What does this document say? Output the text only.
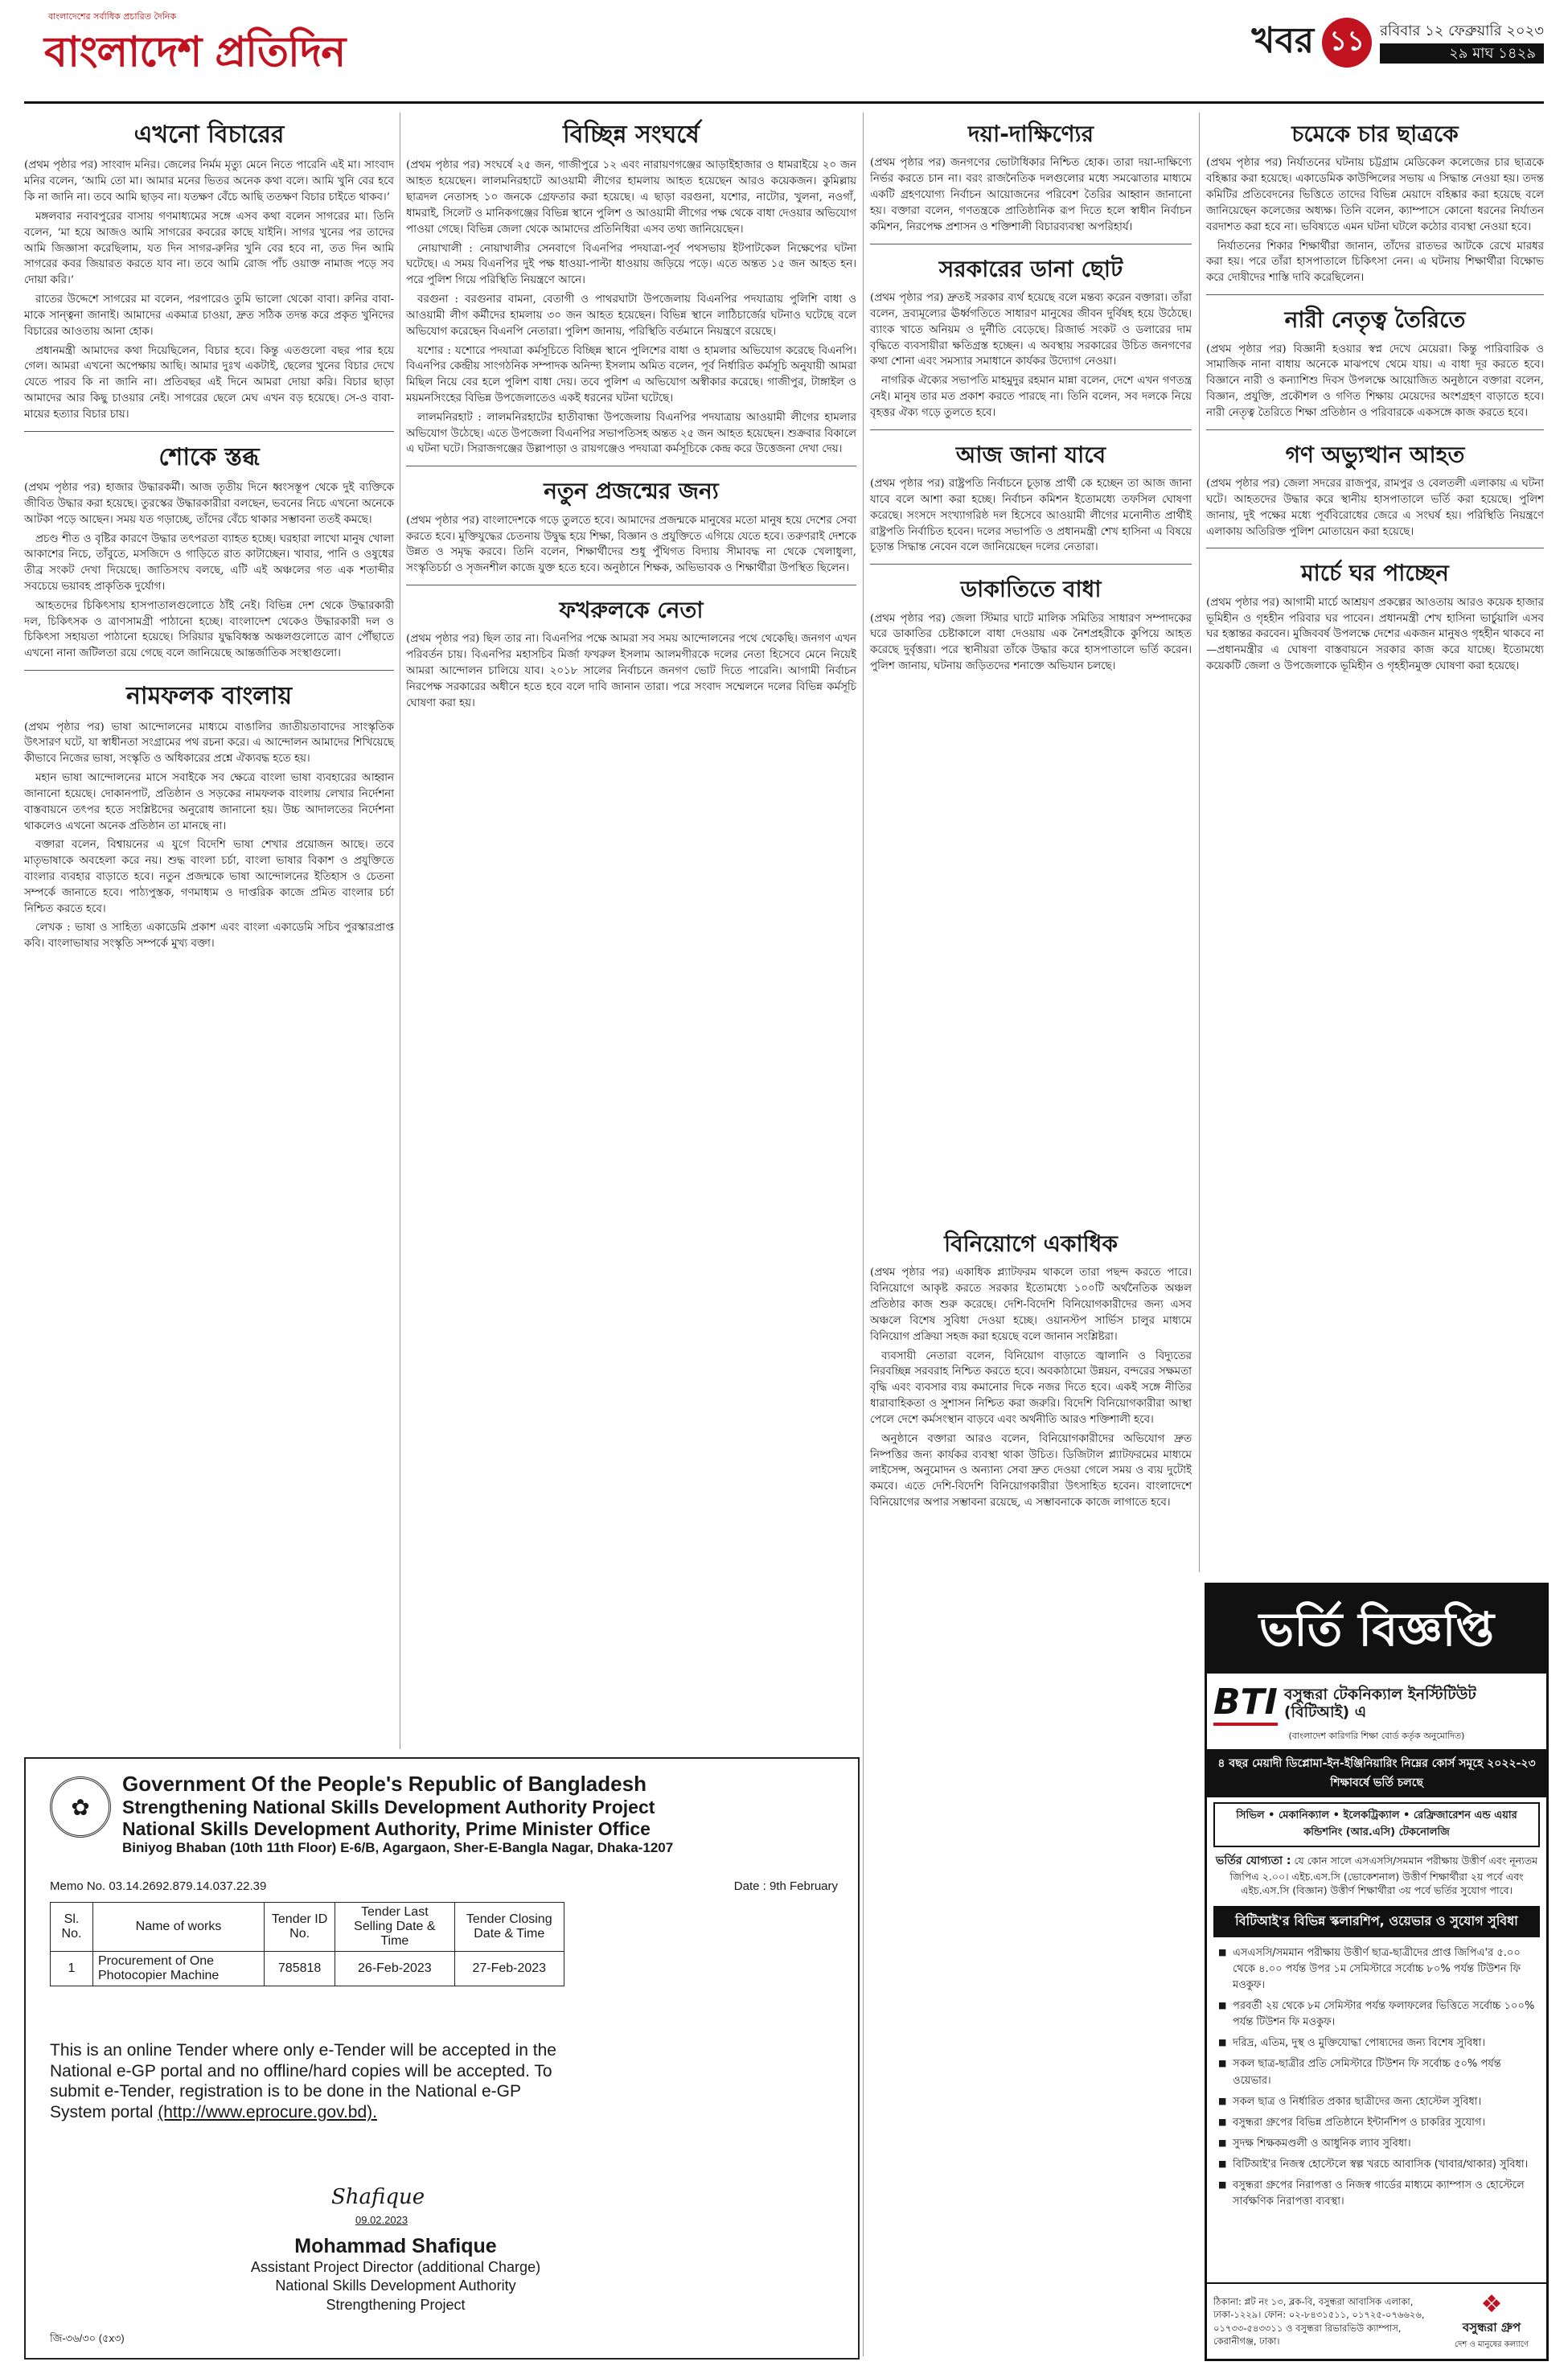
বাংলাদেশের সর্বাধিক প্রচারিত দৈনিক
বাংলাদেশ প্রতিদিন	খবর ১১	রবিবার ১২ ফেব্রুয়ারি ২০২৩
২৯ মাঘ ১৪২৯
এখনো বিচারের

(প্রথম পৃষ্ঠার পর) সাংবাদ মনির। জেলের নির্মম মৃত্যু মেনে নিতে পারেনি এই মা। সাংবাদ মনির বলেন, ‘আমি তো মা। আমার মনের ভিতর অনেক কথা বলে। আমি খুনি বের হবে কি না জানি না। তবে আমি ছাড়ব না। যতক্ষণ বেঁচে আছি ততক্ষণ বিচার চাইতে থাকব।’

মঙ্গলবার নবাবপুরের বাসায় গণমাধ্যমের সঙ্গে এসব কথা বলেন সাগরের মা। তিনি বলেন, ‘মা হয়ে আজও আমি সাগরের কবরের কাছে যাইনি। সাগর খুনের পর তাদের আমি জিজ্ঞাসা করেছিলাম, যত দিন সাগর-রুনির খুনি বের হবে না, তত দিন আমি সাগরের কবর জিয়ারত করতে যাব না। তবে আমি রোজ পাঁচ ওয়াক্ত নামাজ পড়ে সব দোয়া করি।’

রাতের উদ্দেশে সাগরের মা বলেন, পরপারেও তুমি ভালো থেকো বাবা। রুনির বাবা-মাকে সান্ত্বনা জানাই। আমাদের একমাত্র চাওয়া, দ্রুত সঠিক তদন্ত করে প্রকৃত খুনিদের বিচারের আওতায় আনা হোক।

প্রধানমন্ত্রী আমাদের কথা দিয়েছিলেন, বিচার হবে। কিন্তু এতগুলো বছর পার হয়ে গেল। আমরা এখনো অপেক্ষায় আছি। আমার দুঃখ একটাই, ছেলের খুনের বিচার দেখে যেতে পারব কি না জানি না। প্রতিবছর এই দিনে আমরা দোয়া করি। বিচার ছাড়া আমাদের আর কিছু চাওয়ার নেই। সাগরের ছেলে মেঘ এখন বড় হয়েছে। সে-ও বাবা-মায়ের হত্যার বিচার চায়।

শোকে স্তব্ধ

(প্রথম পৃষ্ঠার পর) হাজার উদ্ধারকর্মী। আজ তৃতীয় দিনে ধ্বংসস্তূপ থেকে দুই ব্যক্তিকে জীবিত উদ্ধার করা হয়েছে। তুরস্কের উদ্ধারকারীরা বলছেন, ভবনের নিচে এখনো অনেকে আটকা পড়ে আছেন। সময় যত গড়াচ্ছে, তাঁদের বেঁচে থাকার সম্ভাবনা ততই কমছে।

প্রচণ্ড শীত ও বৃষ্টির কারণে উদ্ধার তৎপরতা ব্যাহত হচ্ছে। ঘরহারা লাখো মানুষ খোলা আকাশের নিচে, তাঁবুতে, মসজিদে ও গাড়িতে রাত কাটাচ্ছেন। খাবার, পানি ও ওষুধের তীব্র সংকট দেখা দিয়েছে। জাতিসংঘ বলছে, এটি এই অঞ্চলের গত এক শতাব্দীর সবচেয়ে ভয়াবহ প্রাকৃতিক দুর্যোগ।

আহতদের চিকিৎসায় হাসপাতালগুলোতে ঠাঁই নেই। বিভিন্ন দেশ থেকে উদ্ধারকারী দল, চিকিৎসক ও ত্রাণসামগ্রী পাঠানো হচ্ছে। বাংলাদেশ থেকেও উদ্ধারকারী দল ও চিকিৎসা সহায়তা পাঠানো হয়েছে। সিরিয়ার যুদ্ধবিধ্বস্ত অঞ্চলগুলোতে ত্রাণ পৌঁছাতে এখনো নানা জটিলতা রয়ে গেছে বলে জানিয়েছে আন্তর্জাতিক সংস্থাগুলো।

নামফলক বাংলায়

(প্রথম পৃষ্ঠার পর) ভাষা আন্দোলনের মাধ্যমে বাঙালির জাতীয়তাবাদের সাংস্কৃতিক উৎসারণ ঘটে, যা স্বাধীনতা সংগ্রামের পথ রচনা করে। এ আন্দোলন আমাদের শিখিয়েছে কীভাবে নিজের ভাষা, সংস্কৃতি ও অধিকারের প্রশ্নে ঐক্যবদ্ধ হতে হয়।

মহান ভাষা আন্দোলনের মাসে সবাইকে সব ক্ষেত্রে বাংলা ভাষা ব্যবহারের আহ্বান জানানো হয়েছে। দোকানপাট, প্রতিষ্ঠান ও সড়কের নামফলক বাংলায় লেখার নির্দেশনা বাস্তবায়নে তৎপর হতে সংশ্লিষ্টদের অনুরোধ জানানো হয়। উচ্চ আদালতের নির্দেশনা থাকলেও এখনো অনেক প্রতিষ্ঠান তা মানছে না।

বক্তারা বলেন, বিশ্বায়নের এ যুগে বিদেশি ভাষা শেখার প্রয়োজন আছে। তবে মাতৃভাষাকে অবহেলা করে নয়। শুদ্ধ বাংলা চর্চা, বাংলা ভাষার বিকাশ ও প্রযুক্তিতে বাংলার ব্যবহার বাড়াতে হবে। নতুন প্রজন্মকে ভাষা আন্দোলনের ইতিহাস ও চেতনা সম্পর্কে জানাতে হবে। পাঠ্যপুস্তক, গণমাধ্যম ও দাপ্তরিক কাজে প্রমিত বাংলার চর্চা নিশ্চিত করতে হবে।

লেখক : ভাষা ও সাহিত্য একাডেমি প্রকাশ এবং বাংলা একাডেমি সচিব পুরস্কারপ্রাপ্ত কবি। বাংলাভাষার সংস্কৃতি সম্পর্কে মুখ্য বক্তা।

বিচ্ছিন্ন সংঘর্ষে

(প্রথম পৃষ্ঠার পর) সংঘর্ষে ২৫ জন, গাজীপুরে ১২ এবং নারায়ণগঞ্জের আড়াইহাজার ও ধামরাইয়ে ২০ জন আহত হয়েছেন। লালমনিরহাটে আওয়ামী লীগের হামলায় আহত হয়েছেন আরও কয়েকজন। কুমিল্লায় ছাত্রদল নেতাসহ ১০ জনকে গ্রেফতার করা হয়েছে। এ ছাড়া বরগুনা, যশোর, নাটোর, খুলনা, নওগাঁ, ধামরাই, সিলেট ও মানিকগঞ্জের বিভিন্ন স্থানে পুলিশ ও আওয়ামী লীগের পক্ষ থেকে বাধা দেওয়ার অভিযোগ পাওয়া গেছে। বিভিন্ন জেলা থেকে আমাদের প্রতিনিধিরা এসব তথ্য জানিয়েছেন।

নোয়াখালী : নোয়াখালীর সেনবাগে বিএনপির পদযাত্রা-পূর্ব পথসভায় ইটপাটকেল নিক্ষেপের ঘটনা ঘটেছে। এ সময় বিএনপির দুই পক্ষ ধাওয়া-পাল্টা ধাওয়ায় জড়িয়ে পড়ে। এতে অন্তত ১৫ জন আহত হন। পরে পুলিশ গিয়ে পরিস্থিতি নিয়ন্ত্রণে আনে।

বরগুনা : বরগুনার বামনা, বেতাগী ও পাথরঘাটা উপজেলায় বিএনপির পদযাত্রায় পুলিশি বাধা ও আওয়ামী লীগ কর্মীদের হামলায় ৩০ জন আহত হয়েছেন। বিভিন্ন স্থানে লাঠিচার্জের ঘটনাও ঘটেছে বলে অভিযোগ করেছেন বিএনপি নেতারা। পুলিশ জানায়, পরিস্থিতি বর্তমানে নিয়ন্ত্রণে রয়েছে।

যশোর : যশোরে পদযাত্রা কর্মসূচিতে বিচ্ছিন্ন স্থানে পুলিশের বাধা ও হামলার অভিযোগ করেছে বিএনপি। বিএনপির কেন্দ্রীয় সাংগঠনিক সম্পাদক অনিন্দ্য ইসলাম অমিত বলেন, পূর্ব নির্ধারিত কর্মসূচি অনুযায়ী আমরা মিছিল নিয়ে বের হলে পুলিশ বাধা দেয়। তবে পুলিশ এ অভিযোগ অস্বীকার করেছে। গাজীপুর, টাঙ্গাইল ও ময়মনসিংহের বিভিন্ন উপজেলাতেও একই ধরনের ঘটনা ঘটেছে।

লালমনিরহাট : লালমনিরহাটের হাতীবান্ধা উপজেলায় বিএনপির পদযাত্রায় আওয়ামী লীগের হামলার অভিযোগ উঠেছে। এতে উপজেলা বিএনপির সভাপতিসহ অন্তত ২৫ জন আহত হয়েছেন। শুক্রবার বিকালে এ ঘটনা ঘটে। সিরাজগঞ্জের উল্লাপাড়া ও রায়গঞ্জেও পদযাত্রা কর্মসূচিকে কেন্দ্র করে উত্তেজনা দেখা দেয়।

নতুন প্রজন্মের জন্য

(প্রথম পৃষ্ঠার পর) বাংলাদেশকে গড়ে তুলতে হবে। আমাদের প্রজন্মকে মানুষের মতো মানুষ হয়ে দেশের সেবা করতে হবে। মুক্তিযুদ্ধের চেতনায় উদ্বুদ্ধ হয়ে শিক্ষা, বিজ্ঞান ও প্রযুক্তিতে এগিয়ে যেতে হবে। তরুণরাই দেশকে উন্নত ও সমৃদ্ধ করবে। তিনি বলেন, শিক্ষার্থীদের শুধু পুঁথিগত বিদ্যায় সীমাবদ্ধ না থেকে খেলাধুলা, সংস্কৃতিচর্চা ও সৃজনশীল কাজে যুক্ত হতে হবে। অনুষ্ঠানে শিক্ষক, অভিভাবক ও শিক্ষার্থীরা উপস্থিত ছিলেন।

ফখরুলকে নেতা

(প্রথম পৃষ্ঠার পর) ছিল তার না। বিএনপির পক্ষে আমরা সব সময় আন্দোলনের পথে থেকেছি। জনগণ এখন পরিবর্তন চায়। বিএনপির মহাসচিব মির্জা ফখরুল ইসলাম আলমগীরকে দলের নেতা হিসেবে মেনে নিয়েই আমরা আন্দোলন চালিয়ে যাব। ২০১৮ সালের নির্বাচনে জনগণ ভোট দিতে পারেনি। আগামী নির্বাচন নিরপেক্ষ সরকারের অধীনে হতে হবে বলে দাবি জানান তারা। পরে সংবাদ সম্মেলনে দলের বিভিন্ন কর্মসূচি ঘোষণা করা হয়।

দয়া-দাক্ষিণ্যের

(প্রথম পৃষ্ঠার পর) জনগণের ভোটাধিকার নিশ্চিত হোক। তারা দয়া-দাক্ষিণ্যে নির্ভর করতে চান না। বরং রাজনৈতিক দলগুলোর মধ্যে সমঝোতার মাধ্যমে একটি গ্রহণযোগ্য নির্বাচন আয়োজনের পরিবেশ তৈরির আহ্বান জানানো হয়। বক্তারা বলেন, গণতন্ত্রকে প্রাতিষ্ঠানিক রূপ দিতে হলে স্বাধীন নির্বাচন কমিশন, নিরপেক্ষ প্রশাসন ও শক্তিশালী বিচারব্যবস্থা অপরিহার্য।

সরকারের ডানা ছোট

(প্রথম পৃষ্ঠার পর) দ্রুতই সরকার ব্যর্থ হয়েছে বলে মন্তব্য করেন বক্তারা। তাঁরা বলেন, দ্রব্যমূল্যের ঊর্ধ্বগতিতে সাধারণ মানুষের জীবন দুর্বিষহ হয়ে উঠেছে। ব্যাংক খাতে অনিয়ম ও দুর্নীতি বেড়েছে। রিজার্ভ সংকট ও ডলারের দাম বৃদ্ধিতে ব্যবসায়ীরা ক্ষতিগ্রস্ত হচ্ছেন। এ অবস্থায় সরকারের উচিত জনগণের কথা শোনা এবং সমস্যার সমাধানে কার্যকর উদ্যোগ নেওয়া।

নাগরিক ঐক্যের সভাপতি মাহমুদুর রহমান মান্না বলেন, দেশে এখন গণতন্ত্র নেই। মানুষ তার মত প্রকাশ করতে পারছে না। তিনি বলেন, সব দলকে নিয়ে বৃহত্তর ঐক্য গড়ে তুলতে হবে।

আজ জানা যাবে

(প্রথম পৃষ্ঠার পর) রাষ্ট্রপতি নির্বাচনে চূড়ান্ত প্রার্থী কে হচ্ছেন তা আজ জানা যাবে বলে আশা করা হচ্ছে। নির্বাচন কমিশন ইতোমধ্যে তফসিল ঘোষণা করেছে। সংসদে সংখ্যাগরিষ্ঠ দল হিসেবে আওয়ামী লীগের মনোনীত প্রার্থীই রাষ্ট্রপতি নির্বাচিত হবেন। দলের সভাপতি ও প্রধানমন্ত্রী শেখ হাসিনা এ বিষয়ে চূড়ান্ত সিদ্ধান্ত নেবেন বলে জানিয়েছেন দলের নেতারা।

ডাকাতিতে বাধা

(প্রথম পৃষ্ঠার পর) জেলা স্টিমার ঘাটে মালিক সমিতির সাধারণ সম্পাদকের ঘরে ডাকাতির চেষ্টাকালে বাধা দেওয়ায় এক নৈশপ্রহরীকে কুপিয়ে আহত করেছে দুর্বৃত্তরা। পরে স্থানীয়রা তাঁকে উদ্ধার করে হাসপাতালে ভর্তি করেন। পুলিশ জানায়, ঘটনায় জড়িতদের শনাক্তে অভিযান চলছে।

বিনিয়োগে একাধিক

(প্রথম পৃষ্ঠার পর) একাধিক প্ল্যাটফরম থাকলে তারা পছন্দ করতে পারে। বিনিয়োগে আকৃষ্ট করতে সরকার ইতোমধ্যে ১০০টি অর্থনৈতিক অঞ্চল প্রতিষ্ঠার কাজ শুরু করেছে। দেশি-বিদেশি বিনিয়োগকারীদের জন্য এসব অঞ্চলে বিশেষ সুবিধা দেওয়া হচ্ছে। ওয়ানস্টপ সার্ভিস চালুর মাধ্যমে বিনিয়োগ প্রক্রিয়া সহজ করা হয়েছে বলে জানান সংশ্লিষ্টরা।

ব্যবসায়ী নেতারা বলেন, বিনিয়োগ বাড়াতে জ্বালানি ও বিদ্যুতের নিরবচ্ছিন্ন সরবরাহ নিশ্চিত করতে হবে। অবকাঠামো উন্নয়ন, বন্দরের সক্ষমতা বৃদ্ধি এবং ব্যবসার ব্যয় কমানোর দিকে নজর দিতে হবে। একই সঙ্গে নীতির ধারাবাহিকতা ও সুশাসন নিশ্চিত করা জরুরি। বিদেশি বিনিয়োগকারীরা আস্থা পেলে দেশে কর্মসংস্থান বাড়বে এবং অর্থনীতি আরও শক্তিশালী হবে।

অনুষ্ঠানে বক্তারা আরও বলেন, বিনিয়োগকারীদের অভিযোগ দ্রুত নিষ্পত্তির জন্য কার্যকর ব্যবস্থা থাকা উচিত। ডিজিটাল প্ল্যাটফরমের মাধ্যমে লাইসেন্স, অনুমোদন ও অন্যান্য সেবা দ্রুত দেওয়া গেলে সময় ও ব্যয় দুটোই কমবে। এতে দেশি-বিদেশি বিনিয়োগকারীরা উৎসাহিত হবেন। বাংলাদেশে বিনিয়োগের অপার সম্ভাবনা রয়েছে, এ সম্ভাবনাকে কাজে লাগাতে হবে।

চমেকে চার ছাত্রকে

(প্রথম পৃষ্ঠার পর) নির্যাতনের ঘটনায় চট্টগ্রাম মেডিকেল কলেজের চার ছাত্রকে বহিষ্কার করা হয়েছে। একাডেমিক কাউন্সিলের সভায় এ সিদ্ধান্ত নেওয়া হয়। তদন্ত কমিটির প্রতিবেদনের ভিত্তিতে তাদের বিভিন্ন মেয়াদে বহিষ্কার করা হয়েছে বলে জানিয়েছেন কলেজের অধ্যক্ষ। তিনি বলেন, ক্যাম্পাসে কোনো ধরনের নির্যাতন বরদাশত করা হবে না। ভবিষ্যতে এমন ঘটনা ঘটলে কঠোর ব্যবস্থা নেওয়া হবে।

নির্যাতনের শিকার শিক্ষার্থীরা জানান, তাঁদের রাতভর আটকে রেখে মারধর করা হয়। পরে তাঁরা হাসপাতালে চিকিৎসা নেন। এ ঘটনায় শিক্ষার্থীরা বিক্ষোভ করে দোষীদের শাস্তি দাবি করেছিলেন।

নারী নেতৃত্ব তৈরিতে

(প্রথম পৃষ্ঠার পর) বিজ্ঞানী হওয়ার স্বপ্ন দেখে মেয়েরা। কিন্তু পারিবারিক ও সামাজিক নানা বাধায় অনেকে মাঝপথে থেমে যায়। এ বাধা দূর করতে হবে। বিজ্ঞানে নারী ও কন্যাশিশু দিবস উপলক্ষে আয়োজিত অনুষ্ঠানে বক্তারা বলেন, বিজ্ঞান, প্রযুক্তি, প্রকৌশল ও গণিত শিক্ষায় মেয়েদের অংশগ্রহণ বাড়াতে হবে। নারী নেতৃত্ব তৈরিতে শিক্ষা প্রতিষ্ঠান ও পরিবারকে একসঙ্গে কাজ করতে হবে।

গণ অভ্যুত্থান আহত

(প্রথম পৃষ্ঠার পর) জেলা সদরের রাজপুর, রামপুর ও বেলতলী এলাকায় এ ঘটনা ঘটে। আহতদের উদ্ধার করে স্থানীয় হাসপাতালে ভর্তি করা হয়েছে। পুলিশ জানায়, দুই পক্ষের মধ্যে পূর্ববিরোধের জেরে এ সংঘর্ষ হয়। পরিস্থিতি নিয়ন্ত্রণে এলাকায় অতিরিক্ত পুলিশ মোতায়েন করা হয়েছে।

মার্চে ঘর পাচ্ছেন

(প্রথম পৃষ্ঠার পর) আগামী মার্চে আশ্রয়ণ প্রকল্পের আওতায় আরও কয়েক হাজার ভূমিহীন ও গৃহহীন পরিবার ঘর পাবেন। প্রধানমন্ত্রী শেখ হাসিনা ভার্চুয়ালি এসব ঘর হস্তান্তর করবেন। মুজিববর্ষ উপলক্ষে দেশের একজন মানুষও গৃহহীন থাকবে না—প্রধানমন্ত্রীর এ ঘোষণা বাস্তবায়নে সরকার কাজ করে যাচ্ছে। ইতোমধ্যে কয়েকটি জেলা ও উপজেলাকে ভূমিহীন ও গৃহহীনমুক্ত ঘোষণা করা হয়েছে।

✿
Government Of the People's Republic of Bangladesh
Strengthening National Skills Development Authority Project
National Skills Development Authority, Prime Minister Office
Biniyog Bhaban (10th 11th Floor) E-6/B, Agargaon, Sher-E-Bangla Nagar, Dhaka-1207
Memo No. 03.14.2692.879.14.037.22.39	Date : 9th February
Sl. No.	Name of works	Tender ID No.	Tender Last Selling Date & Time	Tender Closing Date & Time
1	Procurement of One Photocopier Machine	785818	26-Feb-2023	27-Feb-2023
This is an online Tender where only e-Tender will be accepted in the National e-GP portal and no offline/hard copies will be accepted. To submit e-Tender, registration is to be done in the National e-GP System portal (http://www.eprocure.gov.bd).
Shafique
09.02.2023
Mohammad Shafique
Assistant Project Director (additional Charge)
National Skills Development Authority
Strengthening Project
জি-৩৬/৩০ (৫x৩)
ভর্তি বিজ্ঞপ্তি
BTI বসুন্ধরা টেকনিক্যাল ইনস্টিটিউট (বিটিআই) এ
(বাংলাদেশ কারিগরি শিক্ষা বোর্ড কর্তৃক অনুমোদিত)
৪ বছর মেয়াদী ডিপ্লোমা-ইন-ইঞ্জিনিয়ারিং নিম্নের কোর্স সমূহে ২০২২-২৩ শিক্ষাবর্ষে ভর্তি চলছে
সিভিল • মেকানিক্যাল • ইলেকট্রিক্যাল • রেফ্রিজারেশন এন্ড এয়ার কন্ডিশনিং (আর.এসি) টেকনোলজি
ভর্তির যোগ্যতা : যে কোন সালে এসএসসি/সমমান পরীক্ষায় উত্তীর্ণ এবং নূন্যতম জিপিএ ২.০০। এইচ.এস.সি (ভোকেশনাল) উত্তীর্ণ শিক্ষার্থীরা ২য় পর্বে এবং এইচ.এস.সি (বিজ্ঞান) উত্তীর্ণ শিক্ষার্থীরা ৩য় পর্বে ভর্তির সুযোগ পাবে।
বিটিআই'র বিভিন্ন স্কলারশিপ, ওয়েভার ও সুযোগ সুবিধা
■ এসএসসি/সমমান পরীক্ষায় উত্তীর্ণ ছাত্র-ছাত্রীদের প্রাপ্ত জিপিএ'র ৫.০০ থেকে ৪.০০ পর্যন্ত উপর ১ম সেমিস্টারে সর্বোচ্চ ৮০% পর্যন্ত টিউশন ফি মওকুফ।
■ পরবর্তী ২য় থেকে ৮ম সেমিস্টার পর্যন্ত ফলাফলের ভিত্তিতে সর্বোচ্চ ১০০% পর্যন্ত টিউশন ফি মওকুফ।
■ দরিদ্র, এতিম, দুস্থ ও মুক্তিযোদ্ধা পোষ্যদের জন্য বিশেষ সুবিধা।
■ সকল ছাত্র-ছাত্রীর প্রতি সেমিস্টারে টিউশন ফি সর্বোচ্চ ৫০% পর্যন্ত ওয়েভার।
■ সকল ছাত্র ও নির্ধারিত প্রকার ছাত্রীদের জন্য হোস্টেল সুবিধা।
■ বসুন্ধরা গ্রুপের বিভিন্ন প্রতিষ্ঠানে ইন্টার্নশিপ ও চাকরির সুযোগ।
■ সুদক্ষ শিক্ষকমণ্ডলী ও আধুনিক ল্যাব সুবিধা।
■ বিটিআই'র নিজস্ব হোস্টেলে স্বল্প খরচে আবাসিক (খাবার/থাকার) সুবিধা।
■ বসুন্ধরা গ্রুপের নিরাপত্তা ও নিজস্ব গার্ডের মাধ্যমে ক্যাম্পাস ও হোস্টেলে সার্বক্ষণিক নিরাপত্তা ব্যবস্থা।
ঠিকানা: প্লট নং ১৩, ব্লক-বি, বসুন্ধরা আবাসিক এলাকা, ঢাকা-১২২৯। ফোন: ০২-৮৪৩১৫১১, ০১৭২৫-০৭৬৬২৬, ০১৭৩৩-৫৪৩৩১১ ও বসুন্ধরা রিভারভিউ ক্যাম্পাস, কেরানীগঞ্জ, ঢাকা।
❖
বসুন্ধরা গ্রুপ
দেশ ও মানুষের কল্যাণে
